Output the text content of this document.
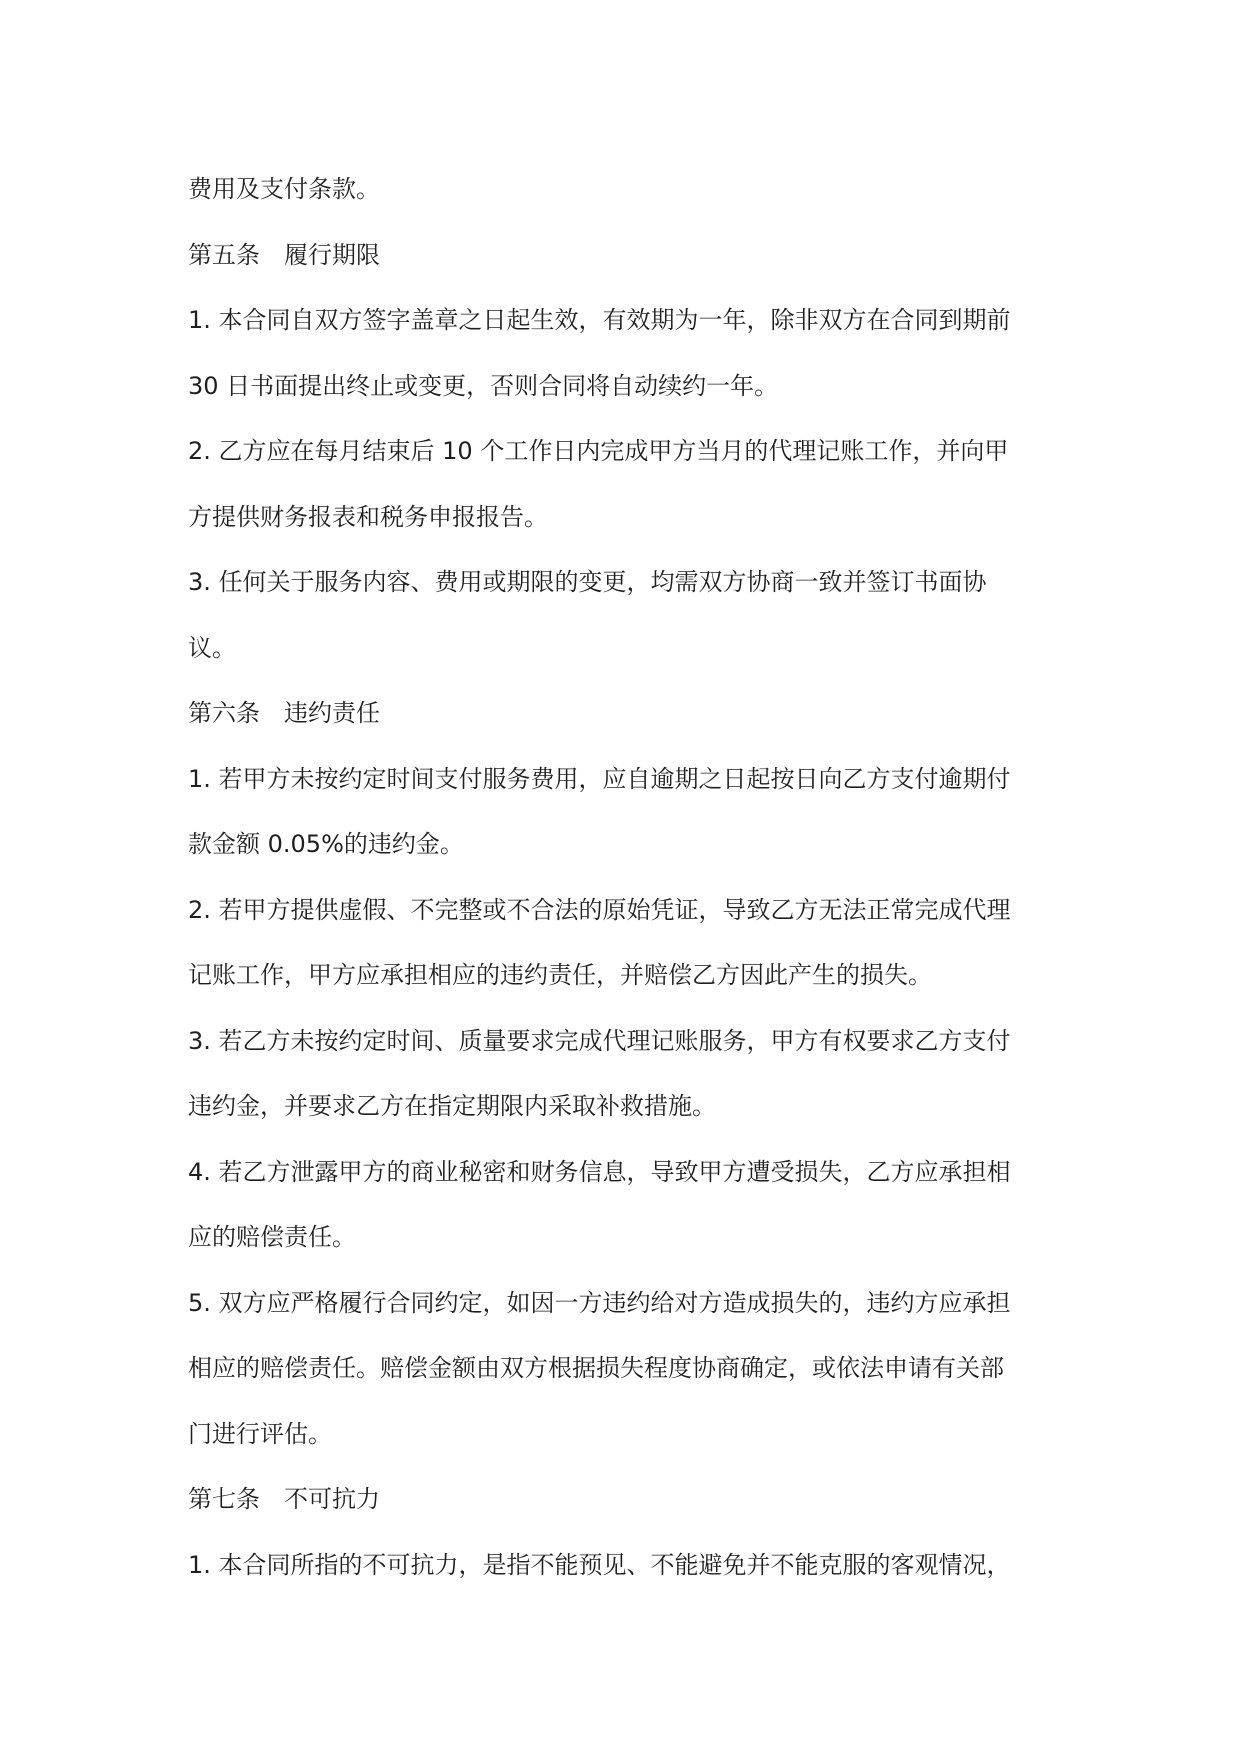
费用及支付条款。

第五条　履行期限

1. 本合同自双方签字盖章之日起生效，有效期为一年，除非双方在合同到期前

30 日书面提出终止或变更，否则合同将自动续约一年。

2. 乙方应在每月结束后 10 个工作日内完成甲方当月的代理记账工作，并向甲

方提供财务报表和税务申报报告。

3. 任何关于服务内容、费用或期限的变更，均需双方协商一致并签订书面协

议。

第六条　违约责任

1. 若甲方未按约定时间支付服务费用，应自逾期之日起按日向乙方支付逾期付

款金额 0.05%的违约金。

2. 若甲方提供虚假、不完整或不合法的原始凭证，导致乙方无法正常完成代理

记账工作，甲方应承担相应的违约责任，并赔偿乙方因此产生的损失。

3. 若乙方未按约定时间、质量要求完成代理记账服务，甲方有权要求乙方支付

违约金，并要求乙方在指定期限内采取补救措施。

4. 若乙方泄露甲方的商业秘密和财务信息，导致甲方遭受损失，乙方应承担相

应的赔偿责任。

5. 双方应严格履行合同约定，如因一方违约给对方造成损失的，违约方应承担

相应的赔偿责任。赔偿金额由双方根据损失程度协商确定，或依法申请有关部

门进行评估。

第七条　不可抗力

1. 本合同所指的不可抗力，是指不能预见、不能避免并不能克服的客观情况，
